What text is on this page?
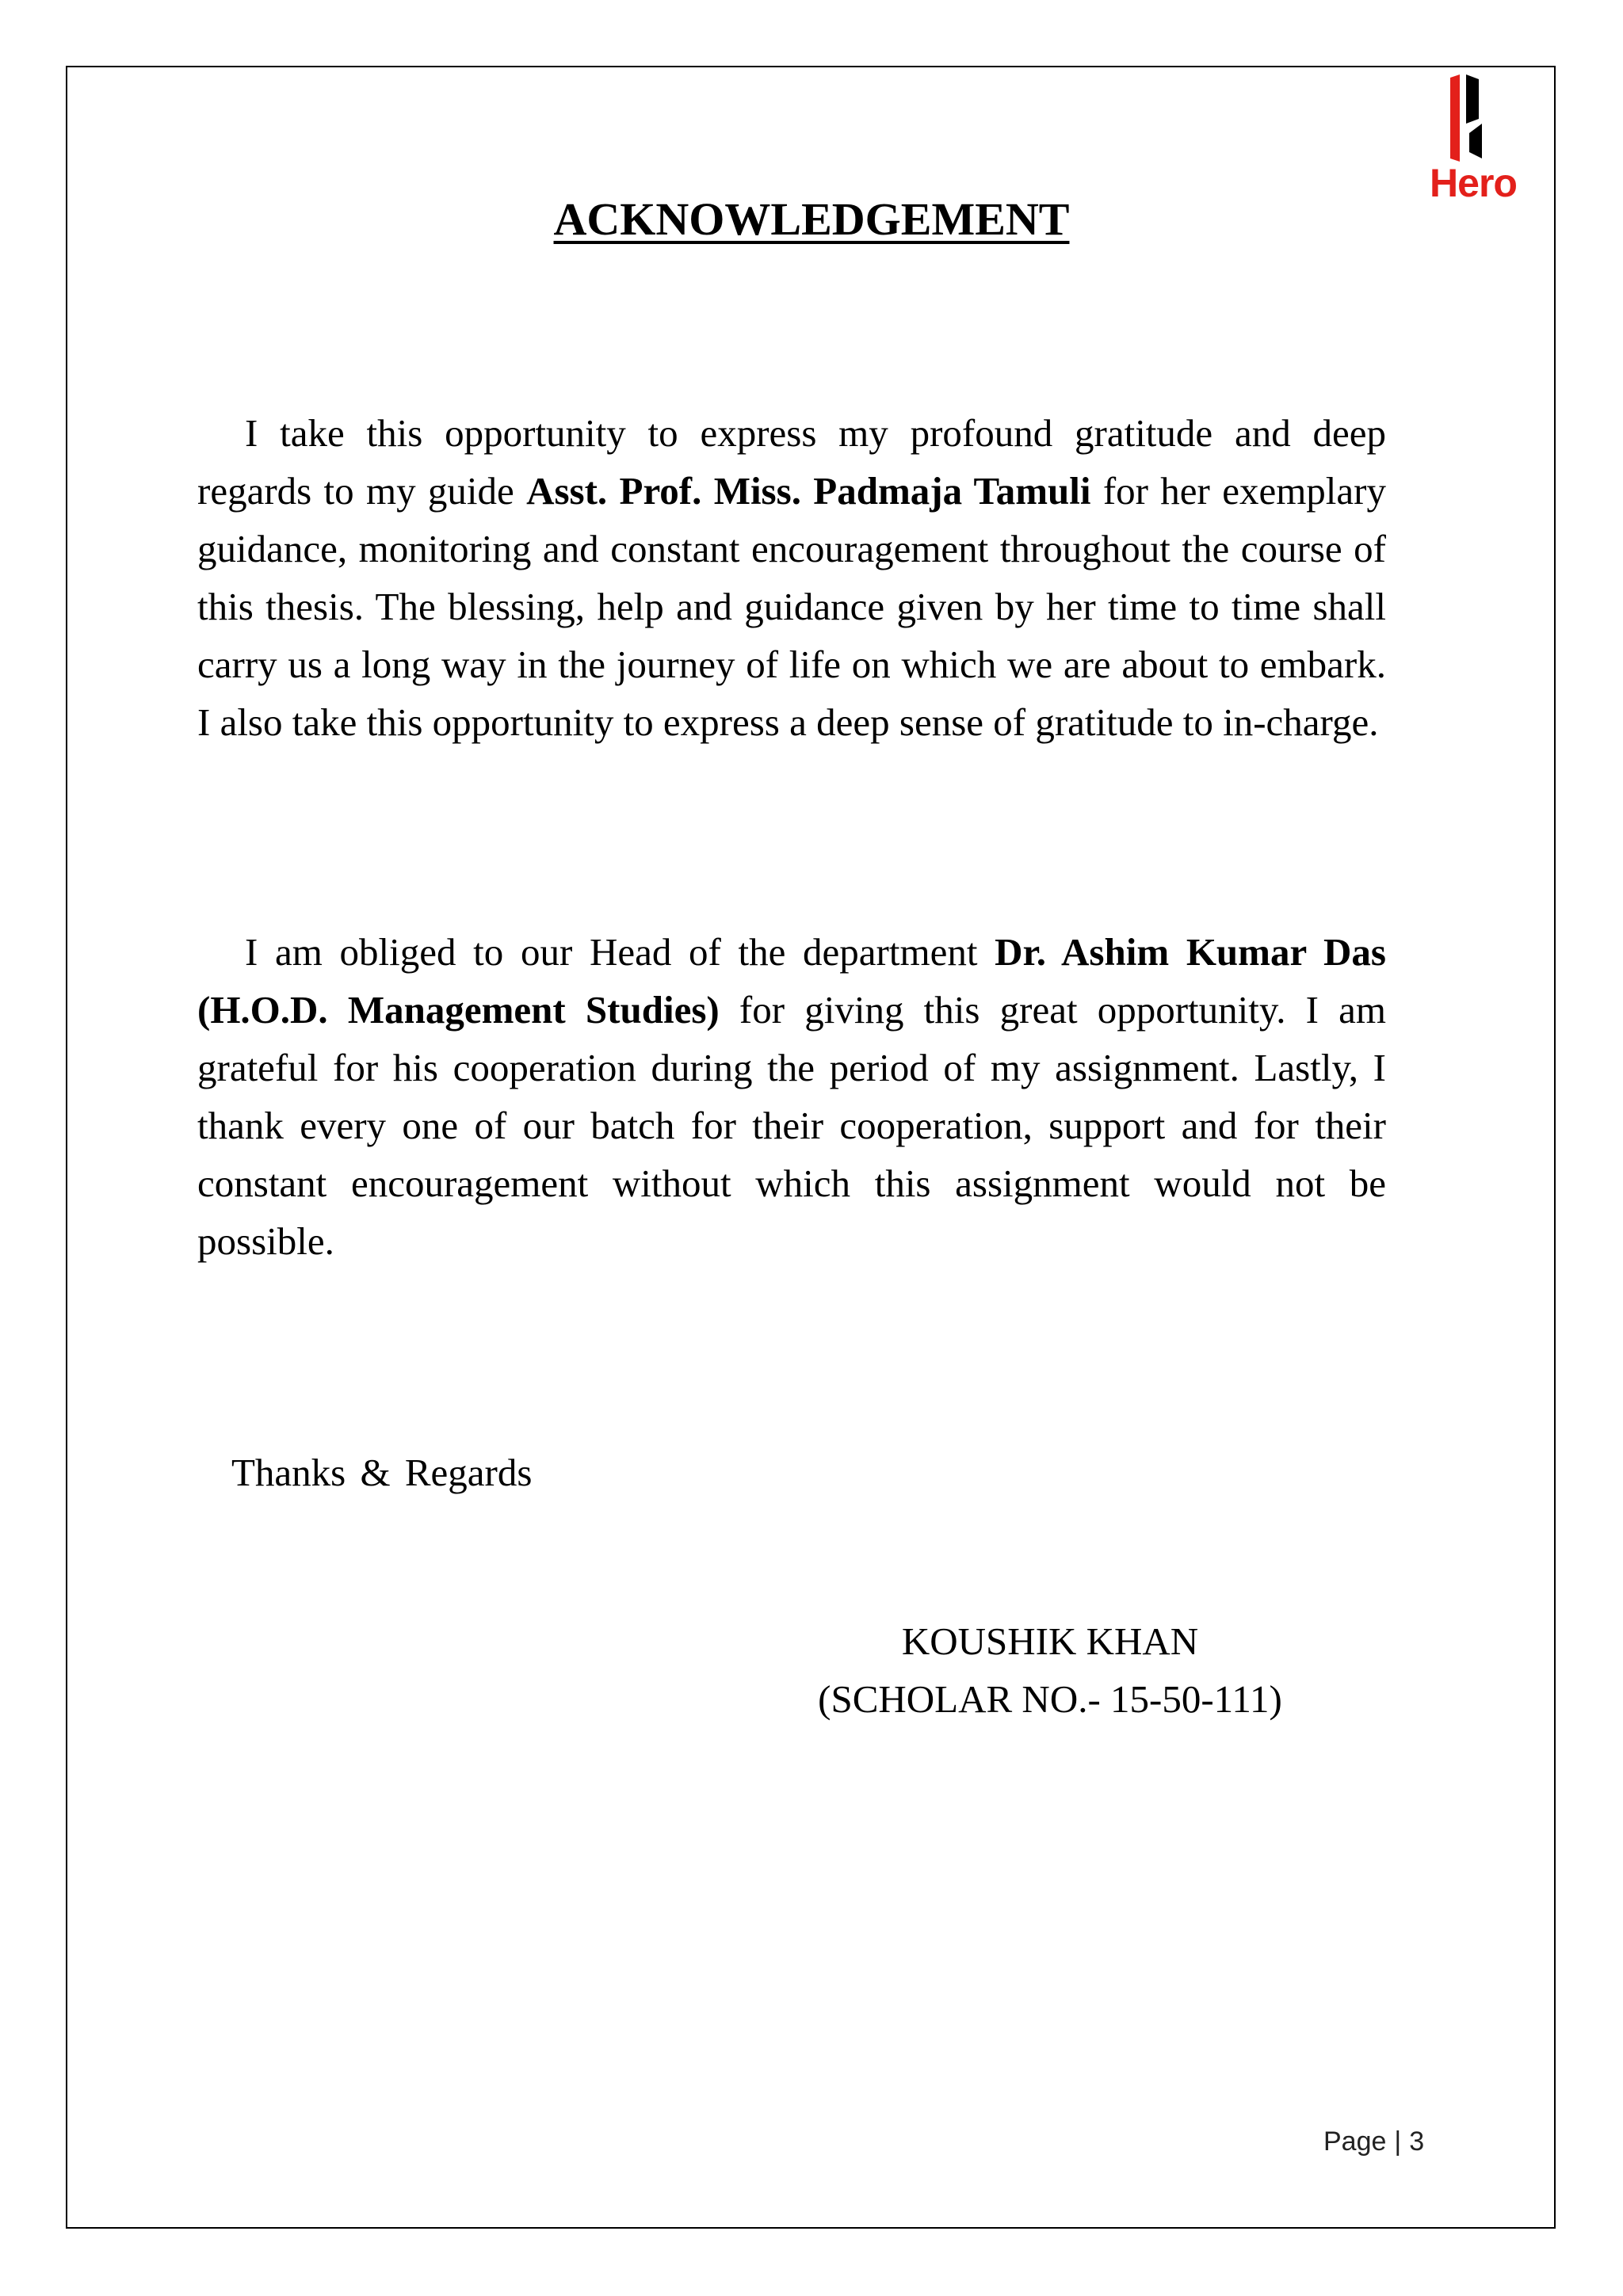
Hero
ACKNOWLEDGEMENT

I take this opportunity to express my profound gratitude and deep regards to my guide Asst. Prof. Miss. Padmaja Tamuli for her exemplary guidance, monitoring and constant encouragement throughout the course of this thesis. The blessing, help and guidance given by her time to time shall carry us a long way in the journey of life on which we are about to embark. I also take this opportunity to express a deep sense of gratitude to in-charge.

I am obliged to our Head of the department Dr. Ashim Kumar Das (H.O.D. Management Studies) for giving this great opportunity. I am grateful for his cooperation during the period of my assignment. Lastly, I thank every one of our batch for their cooperation, support and for their constant encouragement without which this assignment would not be possible.

Thanks & Regards

KOUSHIK KHAN
(SCHOLAR NO.- 15-50-111)
Page | 3
